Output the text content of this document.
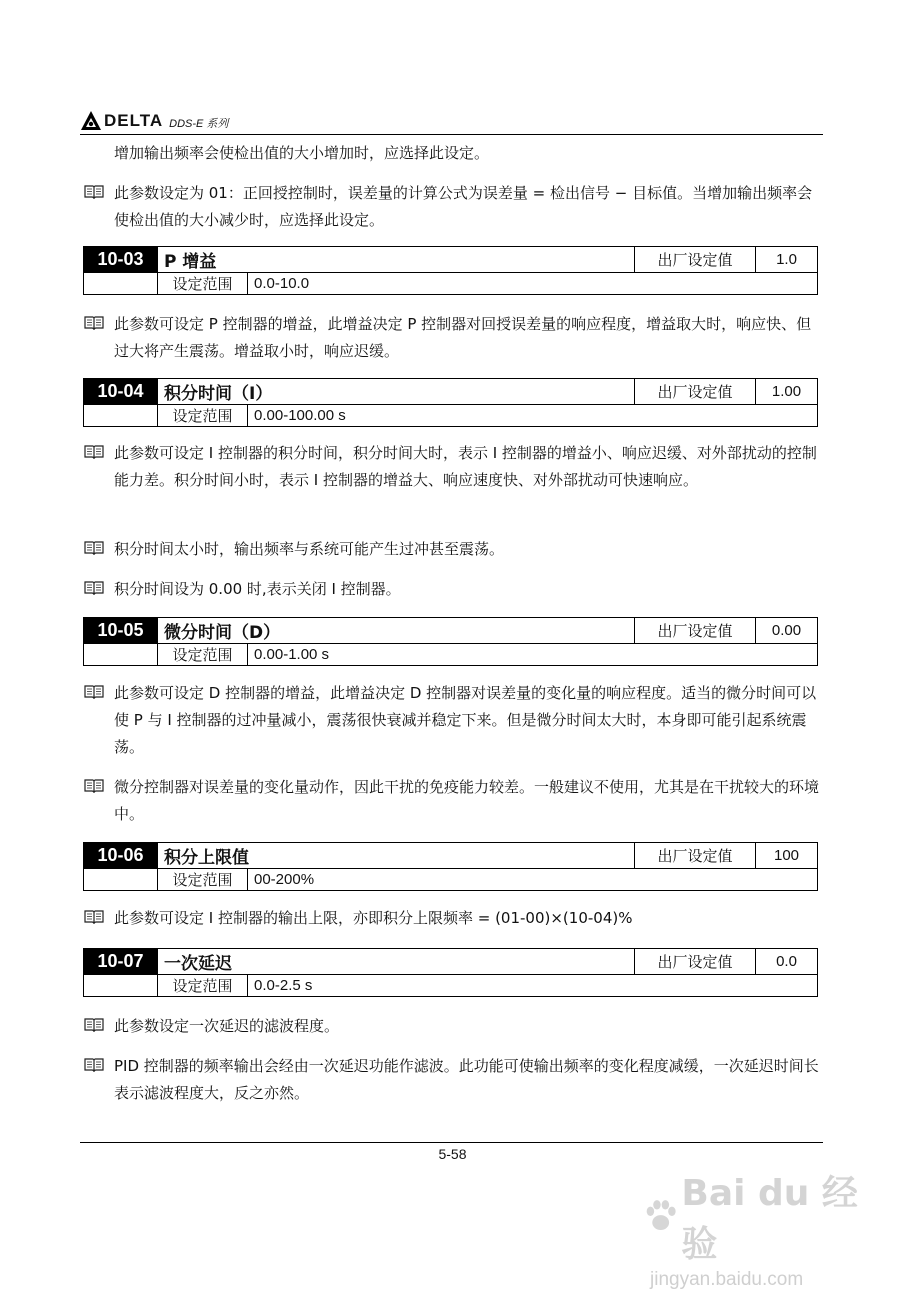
DELTA DDS-E 系列
增加输出频率会使检出值的大小增加时，应选择此设定。
此参数设定为 01：正回授控制时，误差量的计算公式为误差量 = 检出信号 − 目标值。当增加输出频率会使检出值的大小减少时，应选择此设定。
10-03	P 增益		出厂设定值	1.0
	设定范围	0.0-10.0		
此参数可设定 P 控制器的增益，此增益决定 P 控制器对回授误差量的响应程度，增益取大时，响应快、但过大将产生震荡。增益取小时，响应迟缓。
10-04	积分时间（I）		出厂设定值	1.00
	设定范围	0.00-100.00 s		
此参数可设定 I 控制器的积分时间，积分时间大时，表示 I 控制器的增益小、响应迟缓、对外部扰动的控制能力差。积分时间小时，表示 I 控制器的增益大、响应速度快、对外部扰动可快速响应。
积分时间太小时，输出频率与系统可能产生过冲甚至震荡。
积分时间设为 0.00 时,表示关闭 I 控制器。
10-05	微分时间（D）		出厂设定值	0.00
	设定范围	0.00-1.00 s		
此参数可设定 D 控制器的增益，此增益决定 D 控制器对误差量的变化量的响应程度。适当的微分时间可以使 P 与 I 控制器的过冲量减小，震荡很快衰减并稳定下来。但是微分时间太大时，本身即可能引起系统震荡。
微分控制器对误差量的变化量动作，因此干扰的免疫能力较差。一般建议不使用，尤其是在干扰较大的环境中。
10-06	积分上限值		出厂设定值	100
	设定范围	00-200%		
此参数可设定 I 控制器的输出上限，亦即积分上限频率 = (01-00)×(10-04)%
10-07	一次延迟		出厂设定值	0.0
	设定范围	0.0-2.5 s		
此参数设定一次延迟的滤波程度。
PID 控制器的频率输出会经由一次延迟功能作滤波。此功能可使输出频率的变化程度减缓，一次延迟时间长表示滤波程度大，反之亦然。
5-58
Bai du 经验
jingyan.baidu.com
